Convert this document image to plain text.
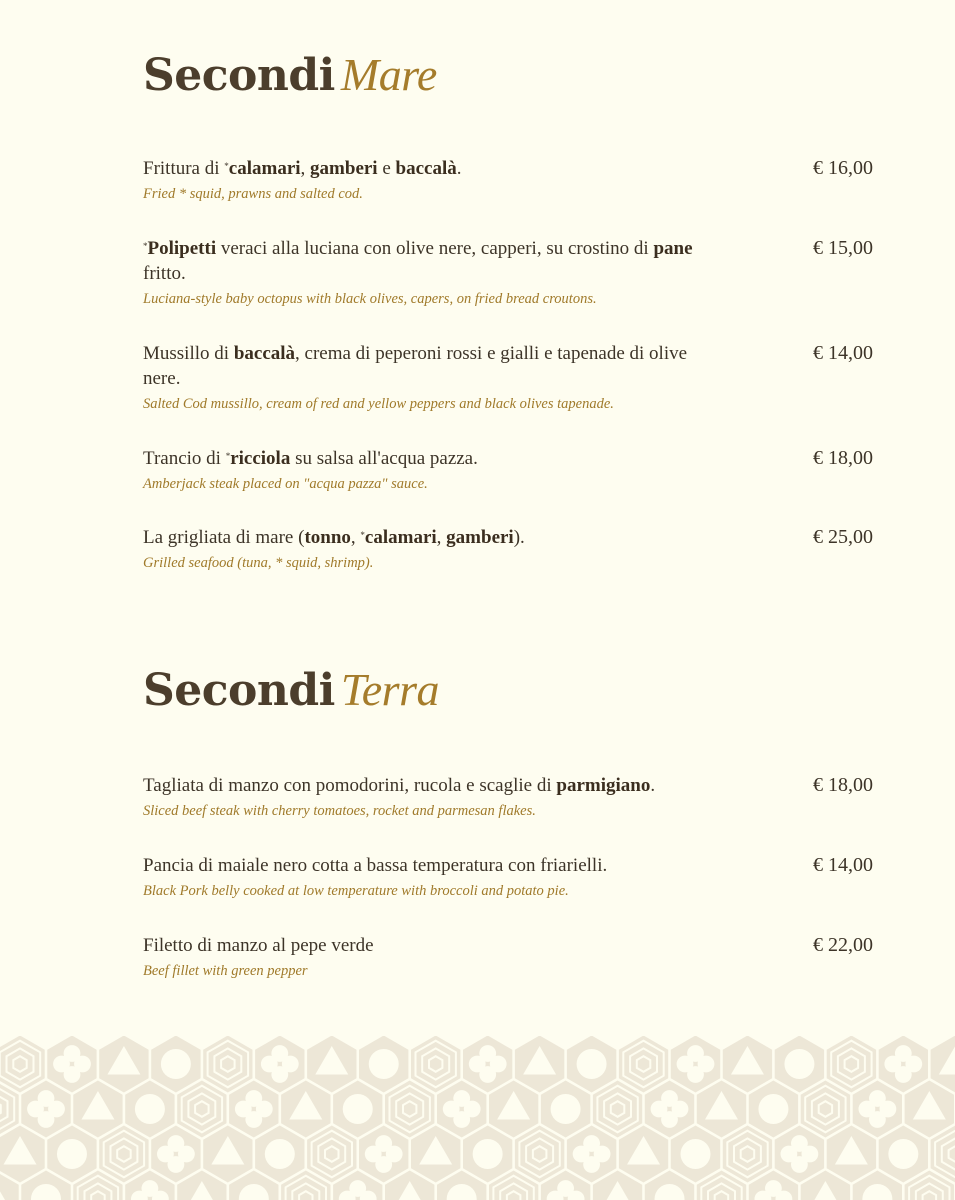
Secondi Mare
Frittura di *calamari, gamberi e baccalà.
Fried * squid, prawns and salted cod.
€ 16,00
*Polipetti veraci alla luciana con olive nere, capperi, su crostino di pane fritto.
Luciana-style baby octopus with black olives, capers, on fried bread croutons.
€ 15,00
Mussillo di baccalà, crema di peperoni rossi e gialli e tapenade di olive nere.
Salted Cod mussillo, cream of red and yellow peppers and black olives tapenade.
€ 14,00
Trancio di *ricciola su salsa all'acqua pazza.
Amberjack steak placed on "acqua pazza" sauce.
€ 18,00
La grigliata di mare (tonno, *calamari, gamberi).
Grilled seafood (tuna, * squid, shrimp).
€ 25,00
Secondi Terra
Tagliata di manzo con pomodorini, rucola e scaglie di parmigiano.
Sliced beef steak with cherry tomatoes, rocket and parmesan flakes.
€ 18,00
Pancia di maiale nero cotta a bassa temperatura con friarielli.
Black Pork belly cooked at low temperature with broccoli and potato pie.
€ 14,00
Filetto di manzo al pepe verde
Beef fillet with green pepper
€ 22,00
